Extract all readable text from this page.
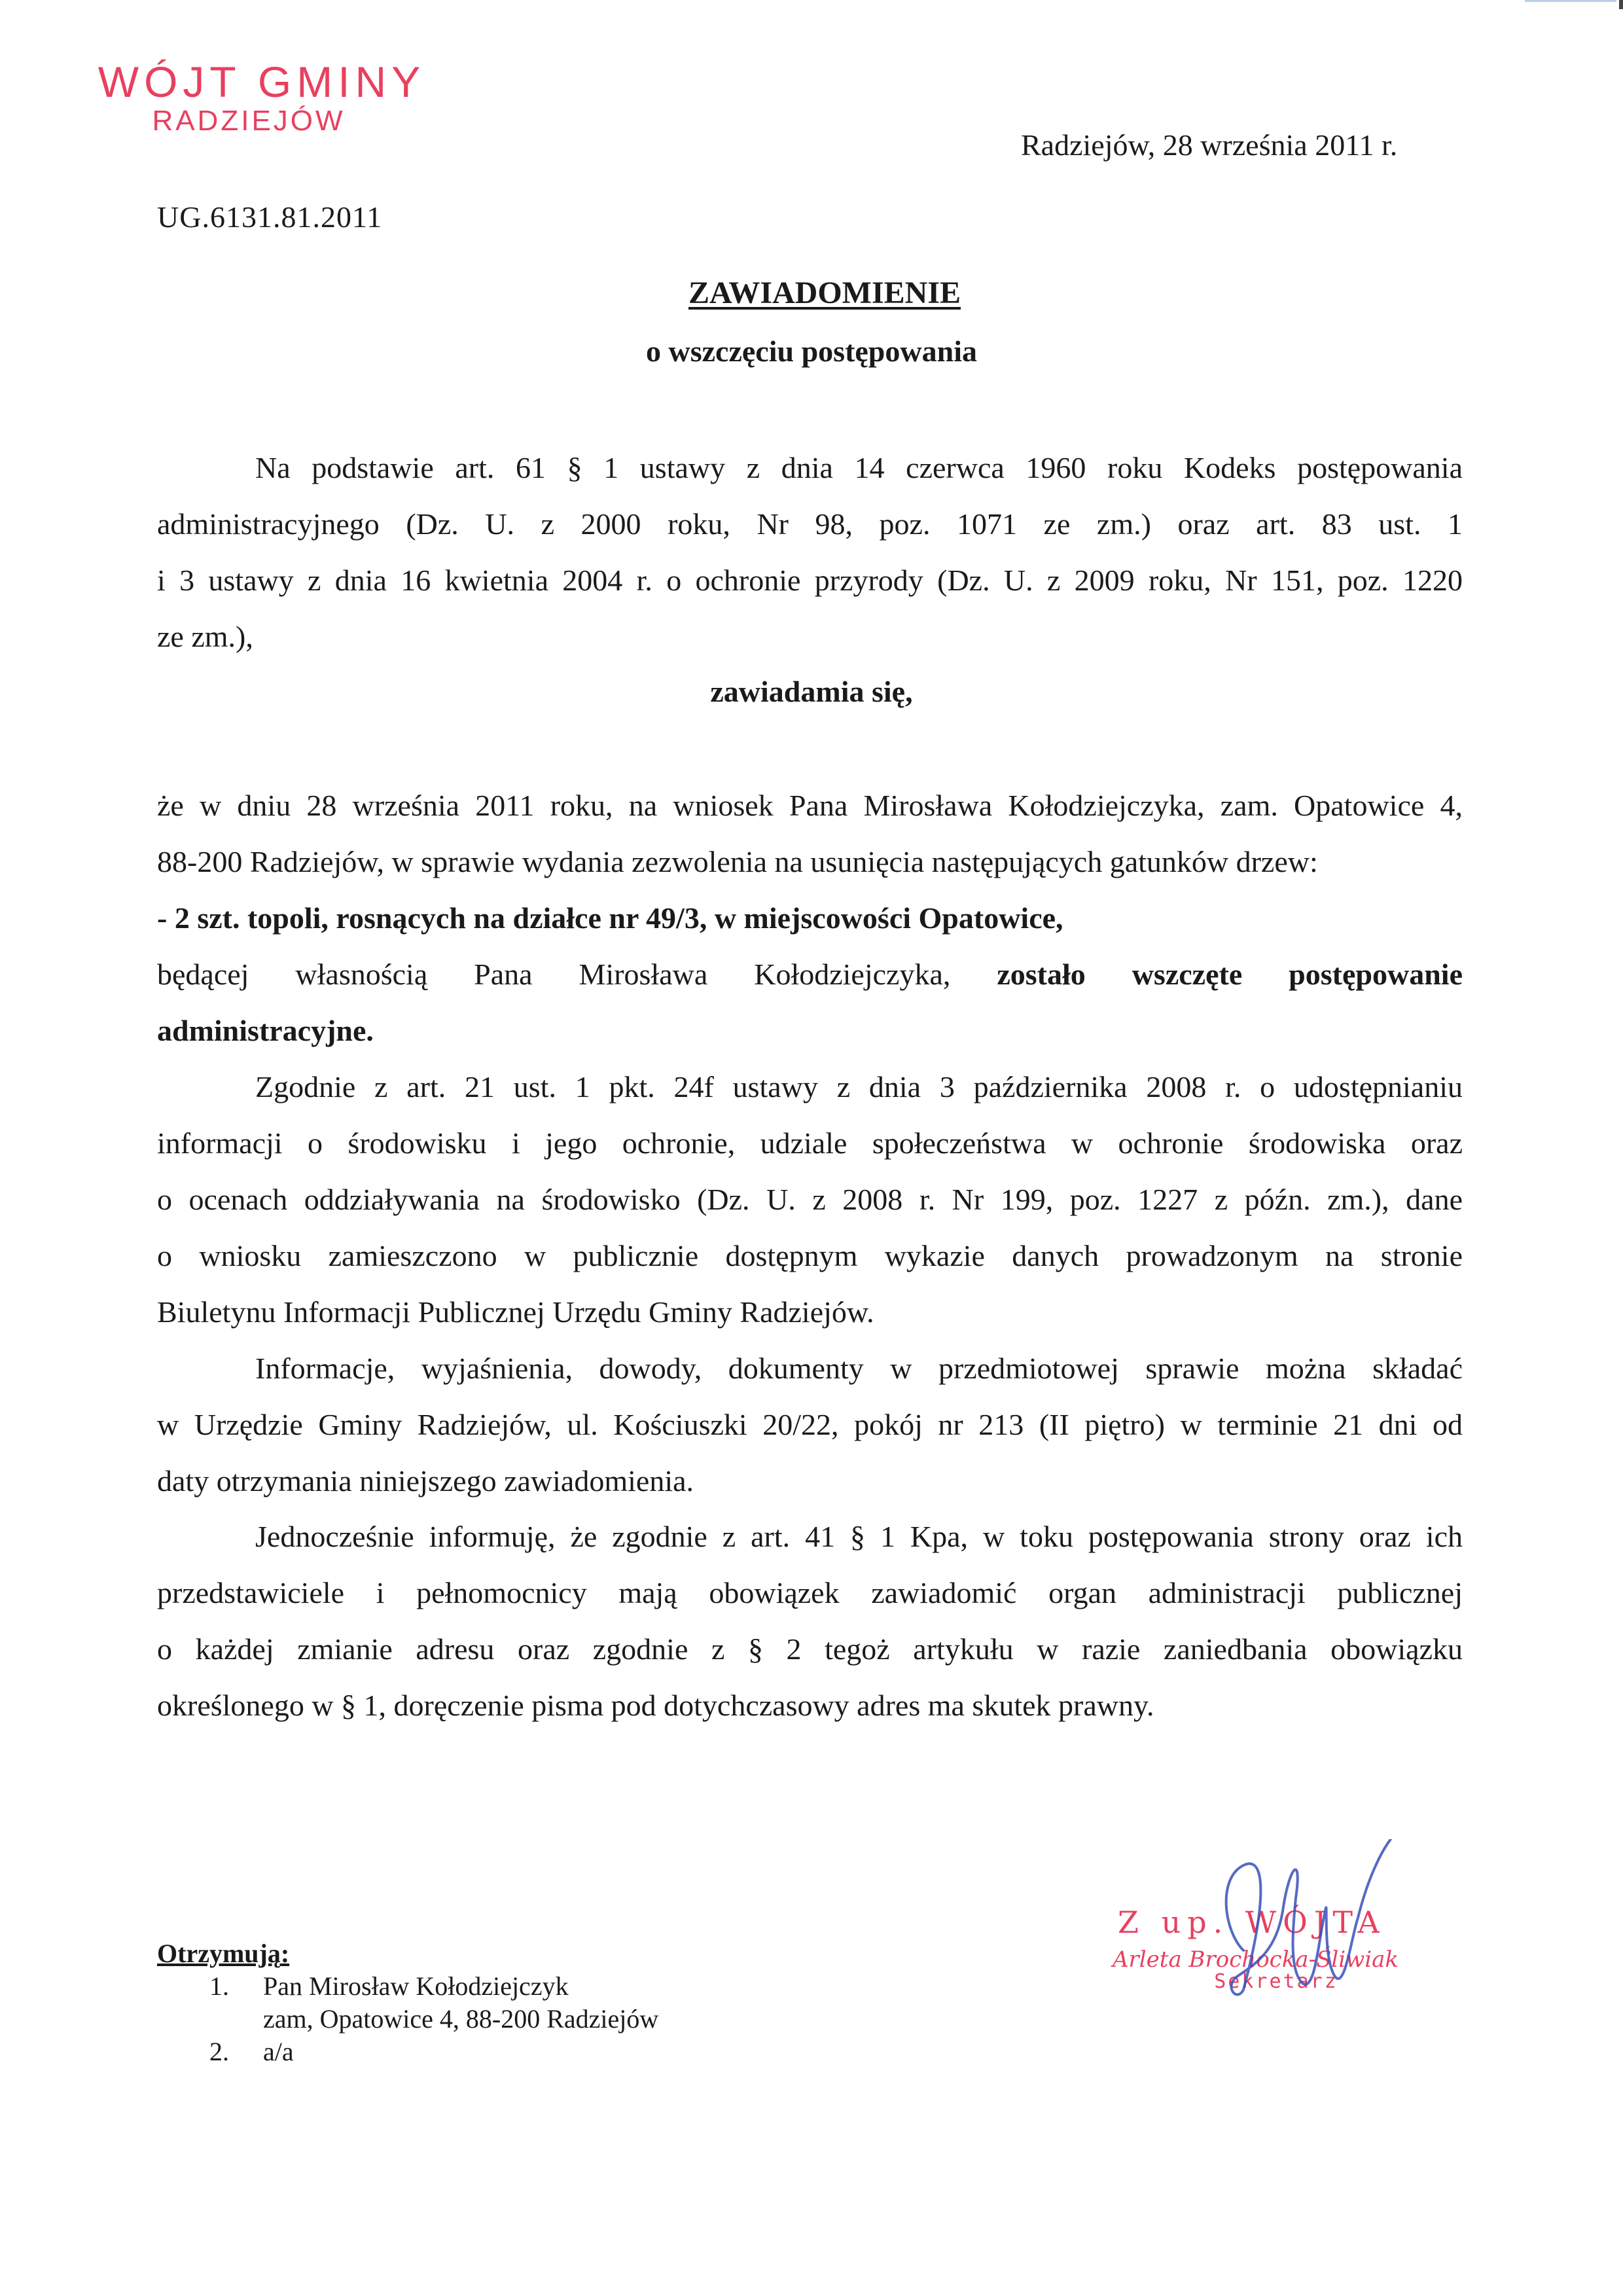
WÓJT GMINY
RADZIEJÓW
Radziejów, 28 września 2011 r.
UG.6131.81.2011
ZAWIADOMIENIE
o wszczęciu postępowania
Na podstawie art. 61 § 1 ustawy z dnia 14 czerwca 1960 roku Kodeks postępowania
administracyjnego (Dz. U. z 2000 roku, Nr 98, poz. 1071 ze zm.) oraz art. 83 ust. 1
i 3 ustawy z dnia 16 kwietnia 2004 r. o ochronie przyrody (Dz. U. z 2009 roku, Nr 151, poz. 1220
ze zm.),
zawiadamia się,
że w dniu 28 września 2011 roku, na wniosek Pana Mirosława Kołodziejczyka, zam. Opatowice 4,
88-200 Radziejów, w sprawie wydania zezwolenia na usunięcia następujących gatunków drzew:
- 2 szt. topoli, rosnących na działce nr 49/3, w miejscowości Opatowice,
będącej własnością Pana Mirosława Kołodziejczyka, zostało wszczęte postępowanie
administracyjne.
Zgodnie z art. 21 ust. 1 pkt. 24f ustawy z dnia 3 października 2008 r. o udostępnianiu
informacji o środowisku i jego ochronie, udziale społeczeństwa w ochronie środowiska oraz
o ocenach oddziaływania na środowisko (Dz. U. z 2008 r. Nr 199, poz. 1227 z późn. zm.), dane
o wniosku zamieszczono w publicznie dostępnym wykazie danych prowadzonym na stronie
Biuletynu Informacji Publicznej Urzędu Gminy Radziejów.
Informacje, wyjaśnienia, dowody, dokumenty w przedmiotowej sprawie można składać
w Urzędzie Gminy Radziejów, ul. Kościuszki 20/22, pokój nr 213 (II piętro) w terminie 21 dni od
daty otrzymania niniejszego zawiadomienia.
Jednocześnie informuję, że zgodnie z art. 41 § 1 Kpa, w toku postępowania strony oraz ich
przedstawiciele i pełnomocnicy mają obowiązek zawiadomić organ administracji publicznej
o każdej zmianie adresu oraz zgodnie z § 2 tegoż artykułu w razie zaniedbania obowiązku
określonego w § 1, doręczenie pisma pod dotychczasowy adres ma skutek prawny.
Otrzymują:
1.	Pan Mirosław Kołodziejczyk
zam, Opatowice 4, 88-200 Radziejów
2.	a/a
Z up. WÓJTA
Arleta Brochocka-Śliwiak
Sekretarz
